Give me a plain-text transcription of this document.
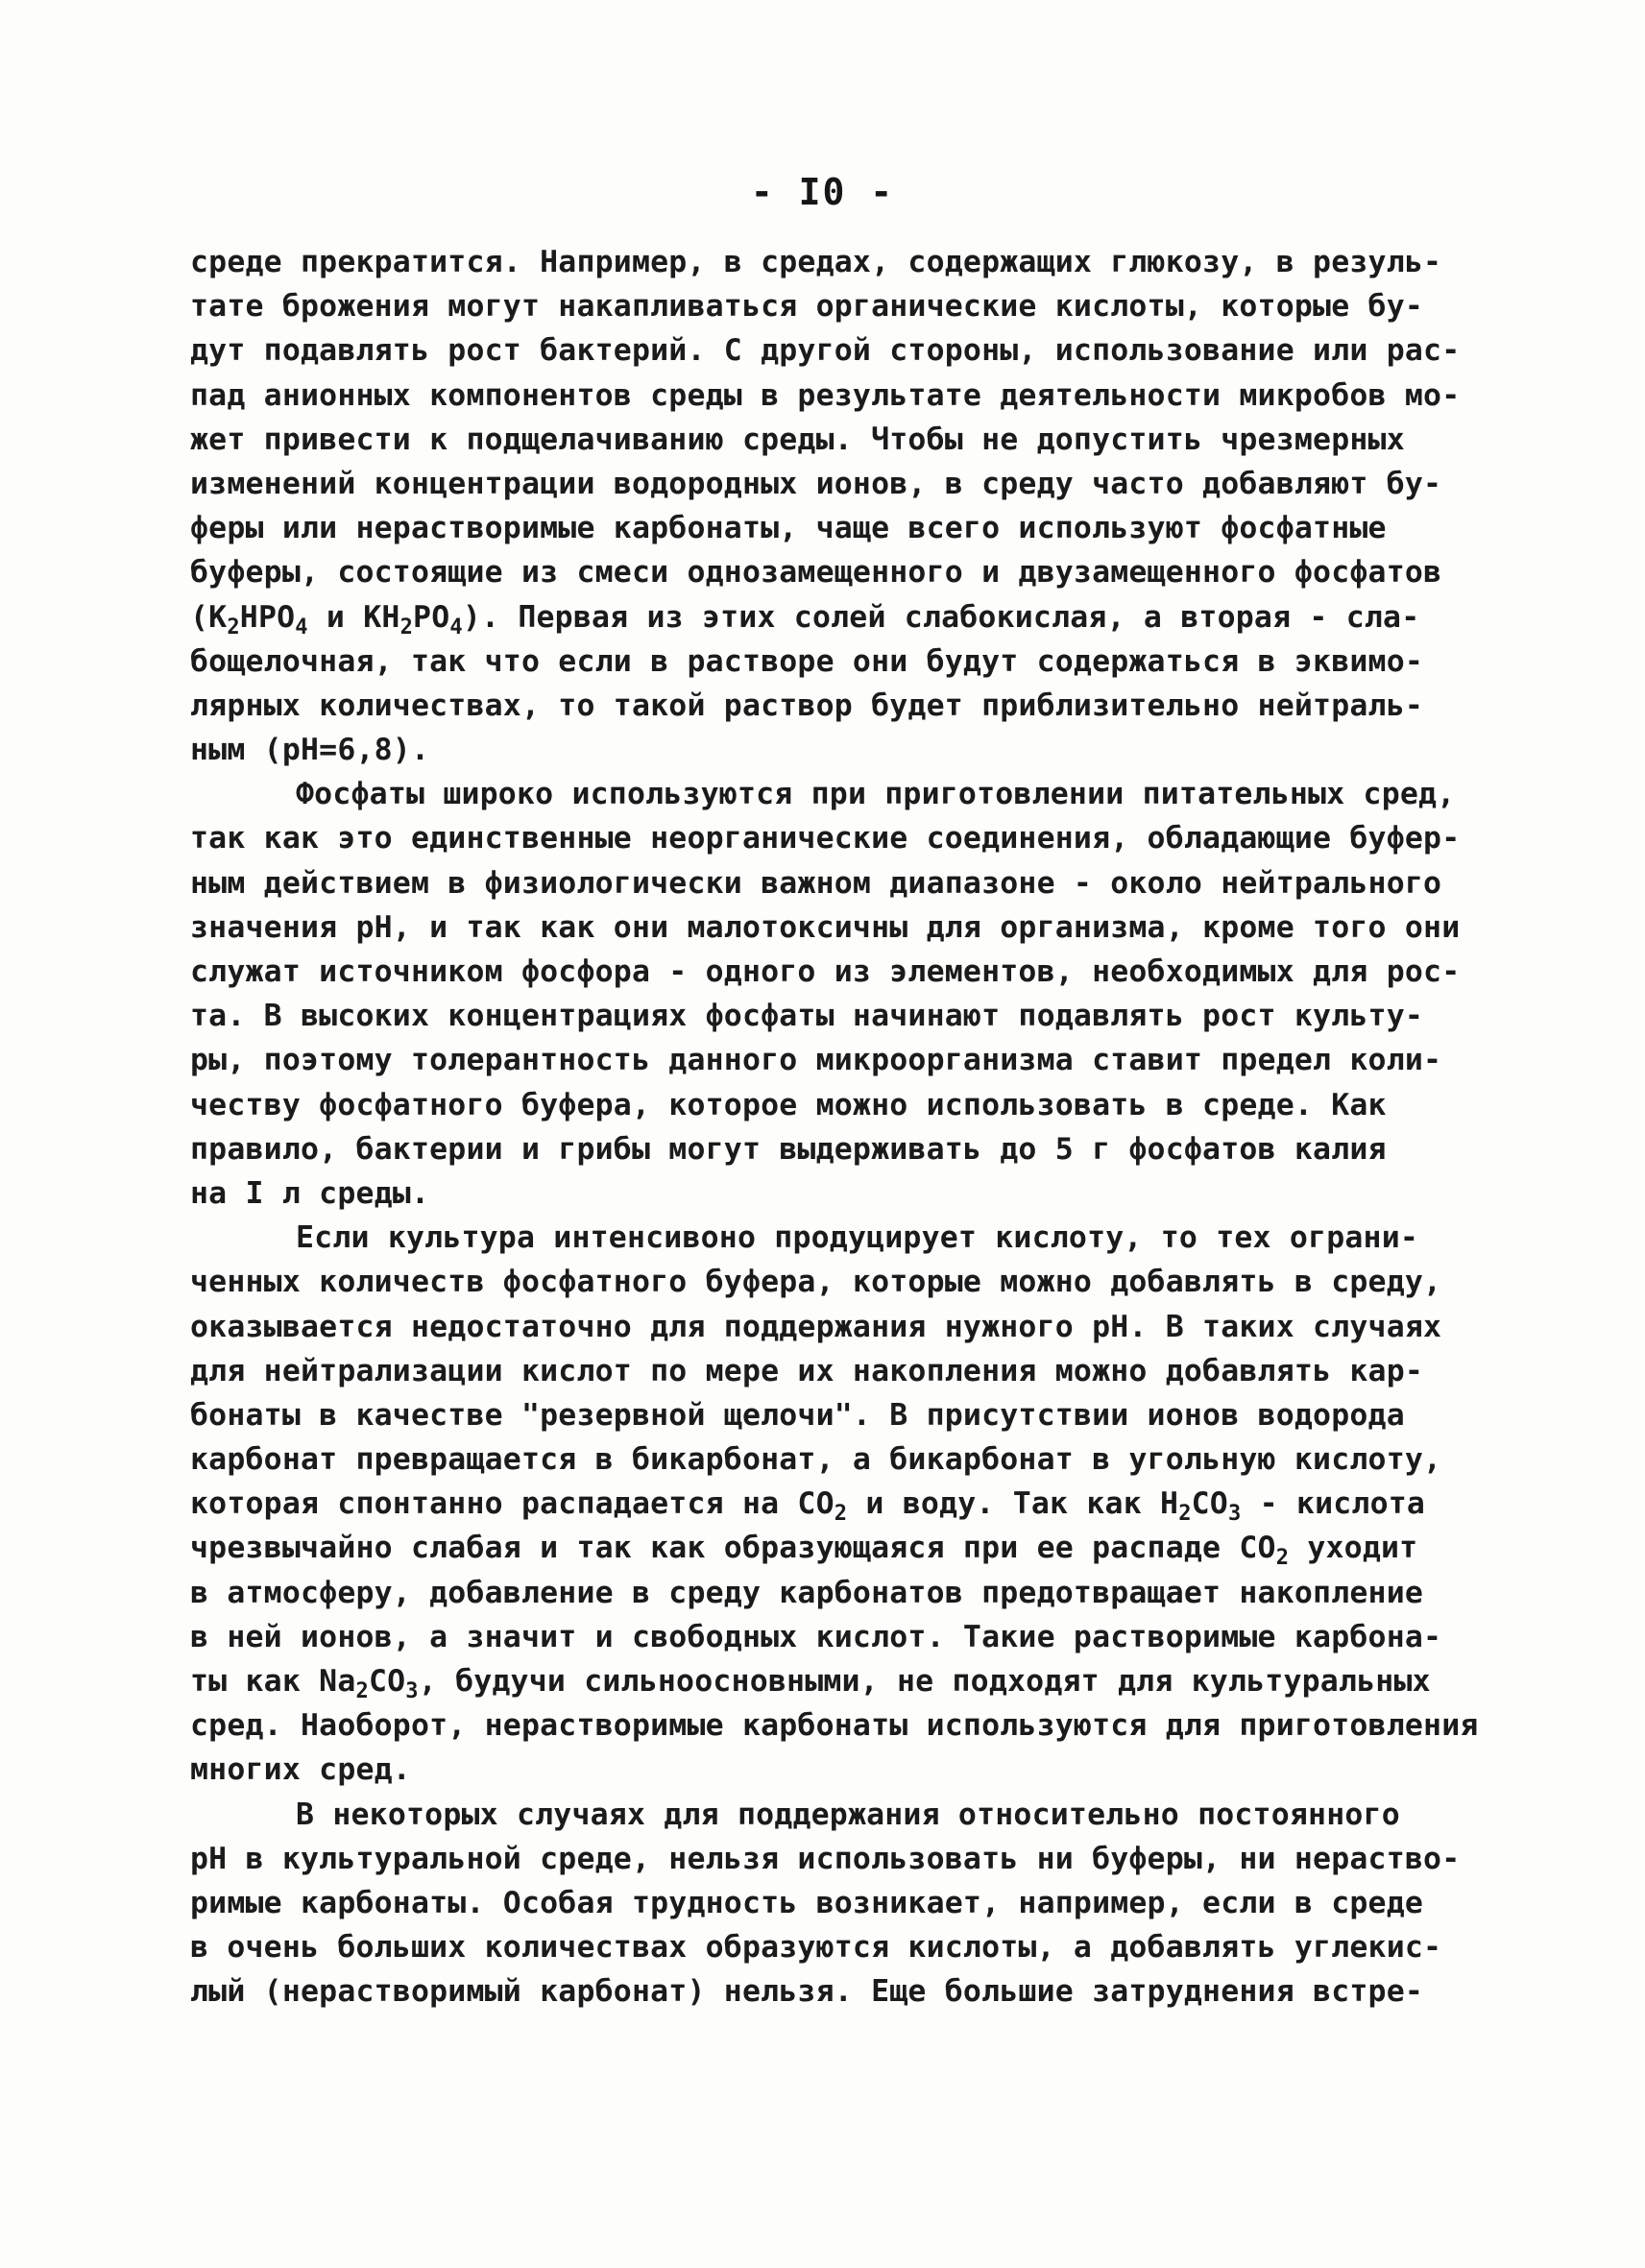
- I0 -
среде прекратится. Например, в средах, содержащих глюкозу, в резуль-
тате брожения могут накапливаться органические кислоты, которые бу-
дут подавлять рост бактерий. С другой стороны, использование или рас-
пад анионных компонентов среды в результате деятельности микробов мо-
жет привести к подщелачиванию среды. Чтобы не допустить чрезмерных
изменений концентрации водородных ионов, в среду часто добавляют бу-
феры или нерастворимые карбонаты, чаще всего используют фосфатные
буферы, состоящие из смеси однозамещенного и двузамещенного фосфатов
($K_2HPO_4$ и $KH_2PO_4$). Первая из этих солей слабокислая, а вторая - сла-
бощелочная, так что если в растворе они будут содержаться в эквимо-
лярных количествах, то такой раствор будет приблизительно нейтраль-
ным (pH=6,8).
Фосфаты широко используются при приготовлении питательных сред,
так как это единственные неорганические соединения, обладающие буфер-
ным действием в физиологически важном диапазоне - около нейтрального
значения pH, и так как они малотоксичны для организма, кроме того они
служат источником фосфора - одного из элементов, необходимых для рос-
та. В высоких концентрациях фосфаты начинают подавлять рост культу-
ры, поэтому толерантность данного микроорганизма ставит предел коли-
честву фосфатного буфера, которое можно использовать в среде. Как
правило, бактерии и грибы могут выдерживать до 5 г фосфатов калия
на I л среды.
Если культура интенсивоно продуцирует кислоту, то тех ограни-
ченных количеств фосфатного буфера, которые можно добавлять в среду,
оказывается недостаточно для поддержания нужного pH. В таких случаях
для нейтрализации кислот по мере их накопления можно добавлять кар-
бонаты в качестве "резервной щелочи". В присутствии ионов водорода
карбонат превращается в бикарбонат, а бикарбонат в угольную кислоту,
которая спонтанно распадается на $CO_2$ и воду. Так как $H_2CO_3$ - кислота
чрезвычайно слабая и так как образующаяся при ее распаде $CO_2$ уходит
в атмосферу, добавление в среду карбонатов предотвращает накопление
в ней ионов, а значит и свободных кислот. Такие растворимые карбона-
ты как $Na_2CO_3$, будучи сильноосновными, не подходят для культуральных
сред. Наоборот, нерастворимые карбонаты используются для приготовления
многих сред.
В некоторых случаях для поддержания относительно постоянного
pH в культуральной среде, нельзя использовать ни буферы, ни нераство-
римые карбонаты. Особая трудность возникает, например, если в среде
в очень больших количествах образуются кислоты, а добавлять углекис-
лый (нерастворимый карбонат) нельзя. Еще большие затруднения встре-
